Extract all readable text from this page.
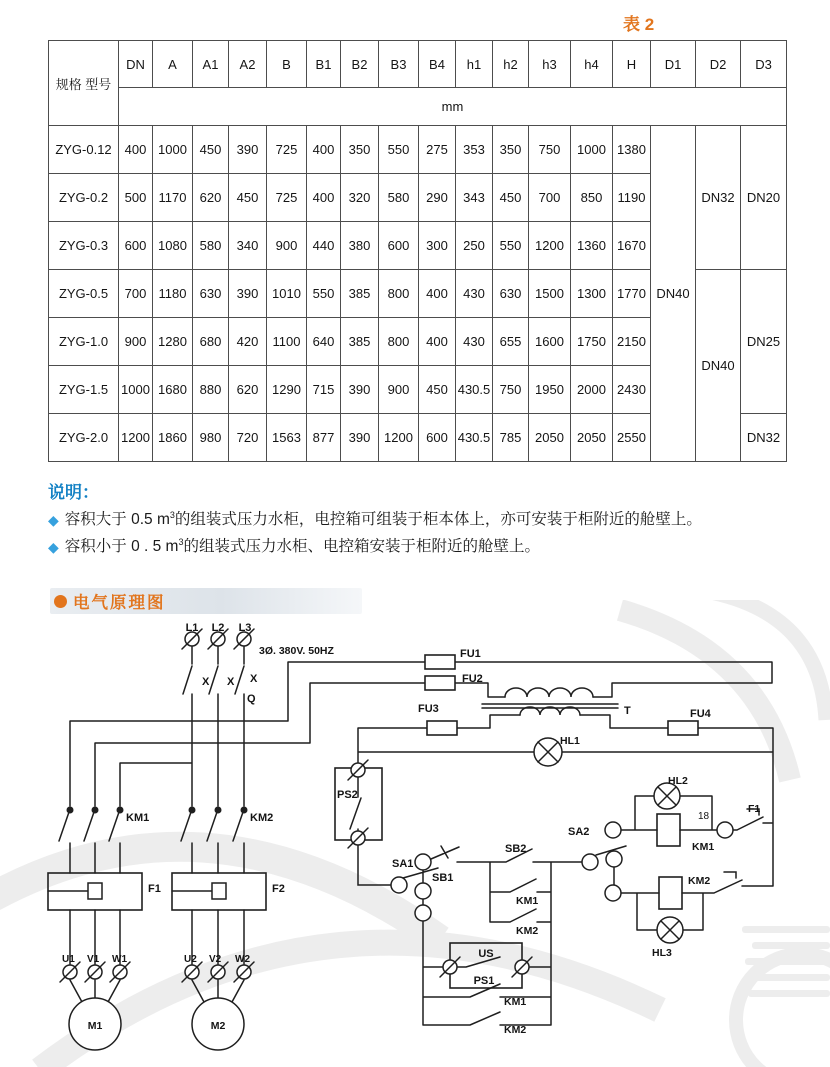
表 2
规格 型号	DN	A	A1	A2	B	B1	B2	B3	B4	h1	h2	h3	h4	H	D1	D2	D3
	mm																
ZYG-0.12	400	1000	450	390	725	400	350	550	275	353	350	750	1000	1380	DN40	DN32	DN20
ZYG-0.2	500	1170	620	450	725	400	320	580	290	343	450	700	850	1190			
ZYG-0.3	600	1080	580	340	900	440	380	600	300	250	550	1200	1360	1670			
ZYG-0.5	700	1180	630	390	1010	550	385	800	400	430	630	1500	1300	1770		DN40	DN25
ZYG-1.0	900	1280	680	420	1100	640	385	800	400	430	655	1600	1750	2150			
ZYG-1.5	1000	1680	880	620	1290	715	390	900	450	430.5	750	1950	2000	2430			
ZYG-2.0	1200	1860	980	720	1563	877	390	1200	600	430.5	785	2050	2050	2550			DN32
说明：
◆ 容积大于 0.5 $m^3$的组装式压力水柜，电控箱可组装于柜本体上，亦可安装于柜附近的舱壁上。
◆ 容积小于 0 . 5 $m^3$的组装式压力水柜、电控箱安装于柜附近的舱壁上。
电气原理图
L1 L2 L3
3Ø. 380V. 50HZ
X X X
Q
KM1	KM2
F1	F2
U1 V1 W1	U2 V2 W2
M1	M2
FU1
FU2
FU3	T	FU4
HL1
PS2
SA1
SB1
SB2
KM1
KM2
SA2
HL2
18
F1
KM1
KM2
HL3
US
PS1
KM1
KM2
